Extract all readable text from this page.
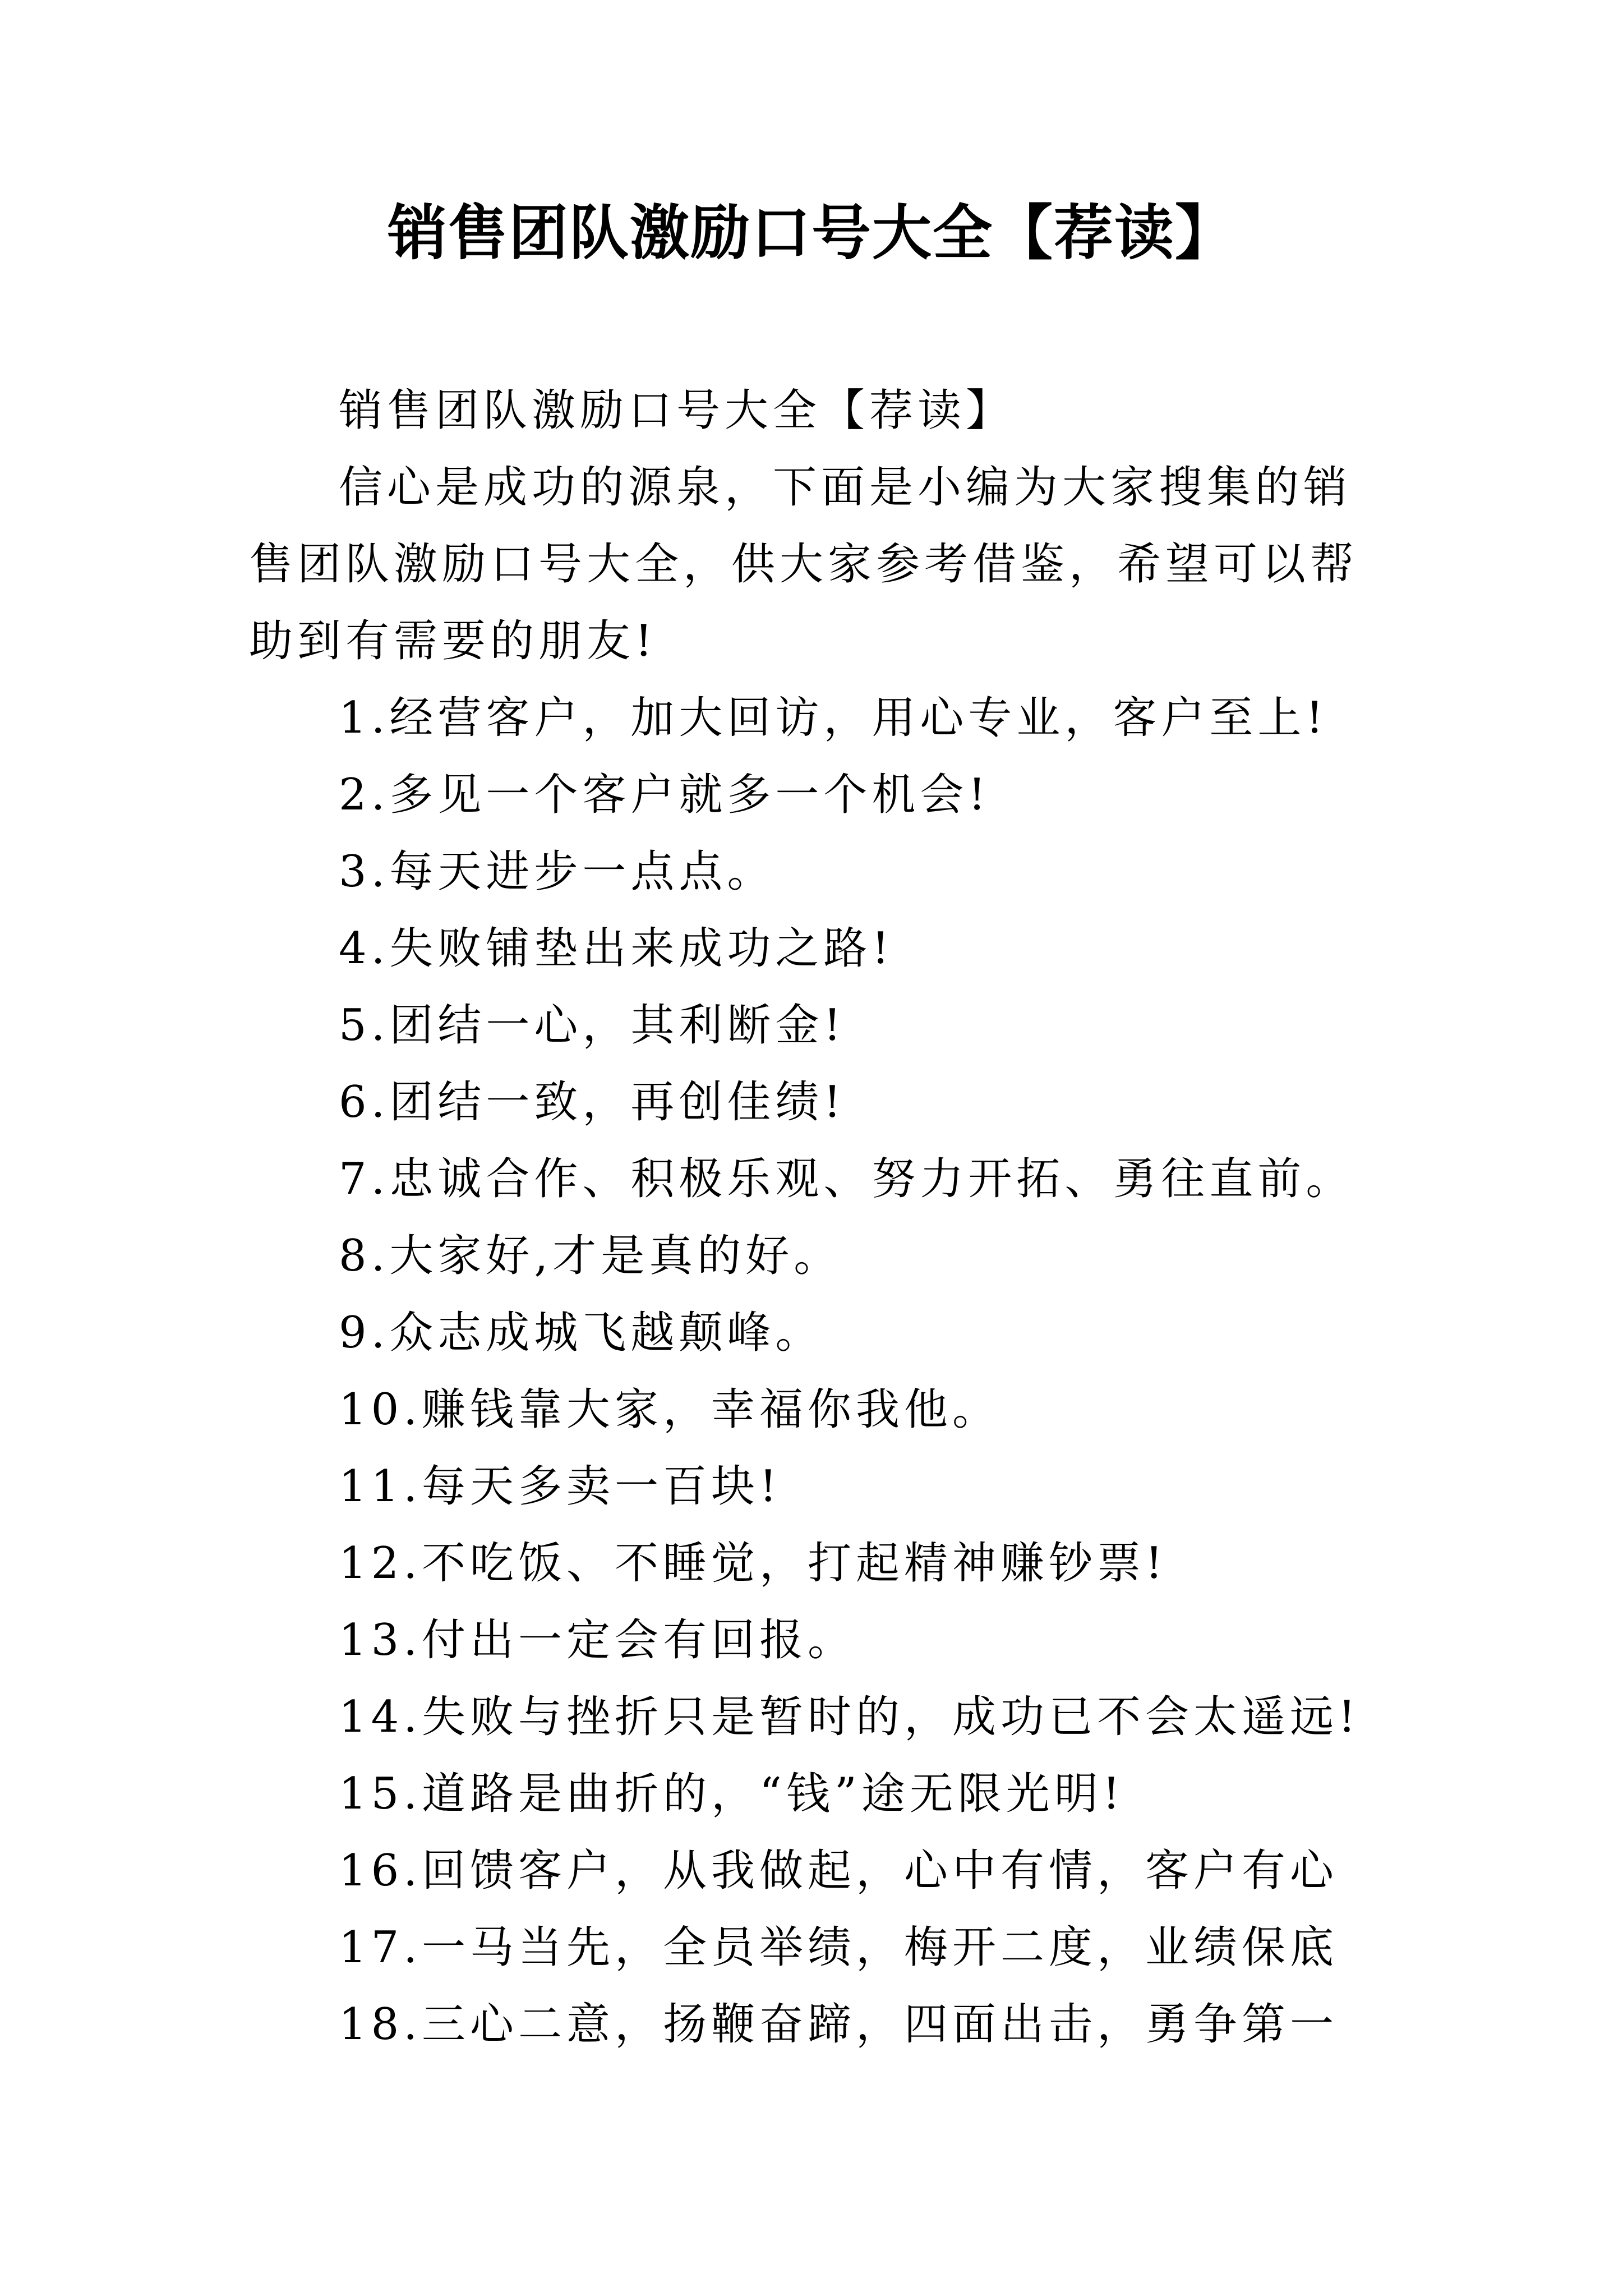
销售团队激励口号大全【荐读】

销售团队激励口号大全【荐读】

信心是成功的源泉，下面是小编为大家搜集的销售团队激励口号大全，供大家参考借鉴，希望可以帮助到有需要的朋友!

1.经营客户，加大回访，用心专业，客户至上!
2.多见一个客户就多一个机会!
3.每天进步一点点。
4.失败铺垫出来成功之路!
5.团结一心，其利断金!
6.团结一致，再创佳绩!
7.忠诚合作、积极乐观、努力开拓、勇往直前。
8.大家好,才是真的好。
9.众志成城飞越颠峰。
10.赚钱靠大家，幸福你我他。
11.每天多卖一百块!
12.不吃饭、不睡觉，打起精神赚钞票!
13.付出一定会有回报。
14.失败与挫折只是暂时的，成功已不会太遥远!
15.道路是曲折的，“钱”途无限光明!
16.回馈客户，从我做起，心中有情，客户有心
17.一马当先，全员举绩，梅开二度，业绩保底
18.三心二意，扬鞭奋蹄，四面出击，勇争第一
